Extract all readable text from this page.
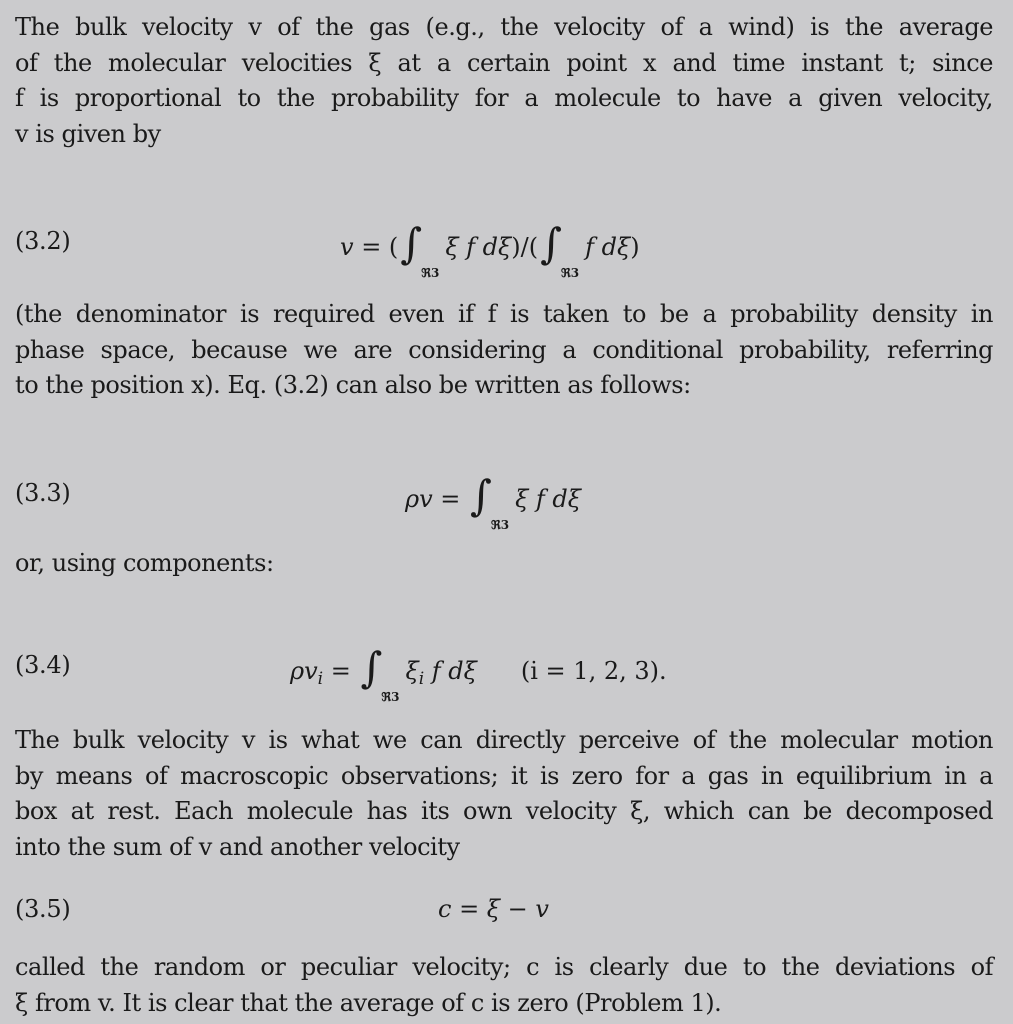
The bulk velocity v of the gas (e.g., the velocity of a wind) is the average
of the molecular velocities ξ at a certain point x and time instant t; since
f is proportional to the probability for a molecule to have a given velocity,
v is given by
(3.2)	v = (∫ℜ3ξ f dξ)/(∫ℜ3f dξ)
(the denominator is required even if f is taken to be a probability density in
phase space, because we are considering a conditional probability, referring
to the position x). Eq. (3.2) can also be written as follows:
(3.3)	ρv = ∫ℜ3ξ f dξ
or, using components:
(3.4)	$\rho v_i$ = $\int ℜ3\xi_i$ f dξ (i = 1, 2, 3).
The bulk velocity v is what we can directly perceive of the molecular motion
by means of macroscopic observations; it is zero for a gas in equilibrium in a
box at rest. Each molecule has its own velocity ξ, which can be decomposed
into the sum of v and another velocity
(3.5)	c = ξ − v
called the random or peculiar velocity; c is clearly due to the deviations of
ξ from v. It is clear that the average of c is zero (Problem 1).
